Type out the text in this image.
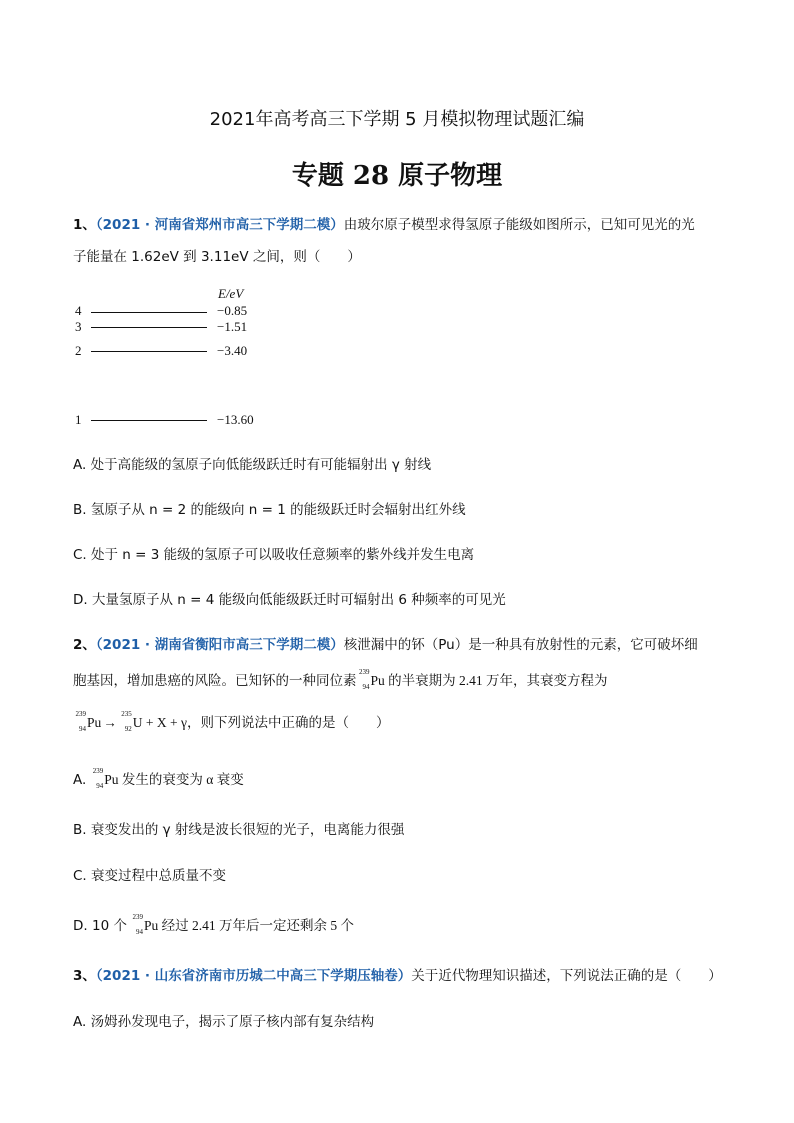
2021年高考高三下学期 5 月模拟物理试题汇编
专题 28 原子物理
1、（2021 · 河南省郑州市高三下学期二模）由玻尔原子模型求得氢原子能级如图所示，已知可见光的光
子能量在 1.62eV 到 3.11eV 之间，则（　　）
E/eV
4	−0.85
3	−1.51
2	−3.40
1	−13.60
A. 处于高能级的氢原子向低能级跃迁时有可能辐射出 γ 射线
B. 氢原子从 n = 2 的能级向 n = 1 的能级跃迁时会辐射出红外线
C. 处于 n = 3 能级的氢原子可以吸收任意频率的紫外线并发生电离
D. 大量氢原子从 n = 4 能级向低能级跃迁时可辐射出 6 种频率的可见光
2、（2021 · 湖南省衡阳市高三下学期二模）核泄漏中的钚（Pu）是一种具有放射性的元素，它可破坏细
胞基因，增加患癌的风险。已知钚的一种同位素
239
94 Pu 的半衰期为 2.41 万年，其衰变方程为
239
94 Pu →
235
92 U + X + γ，则下列说法中正确的是（　　）
A.
239
94 Pu 发生的衰变为 α 衰变
B. 衰变发出的 γ 射线是波长很短的光子，电离能力很强
C. 衰变过程中总质量不变
D. 10 个
239
94 Pu 经过 2.41 万年后一定还剩余 5 个
3、（2021 · 山东省济南市历城二中高三下学期压轴卷）关于近代物理知识描述，下列说法正确的是（　　）
A. 汤姆孙发现电子，揭示了原子核内部有复杂结构
